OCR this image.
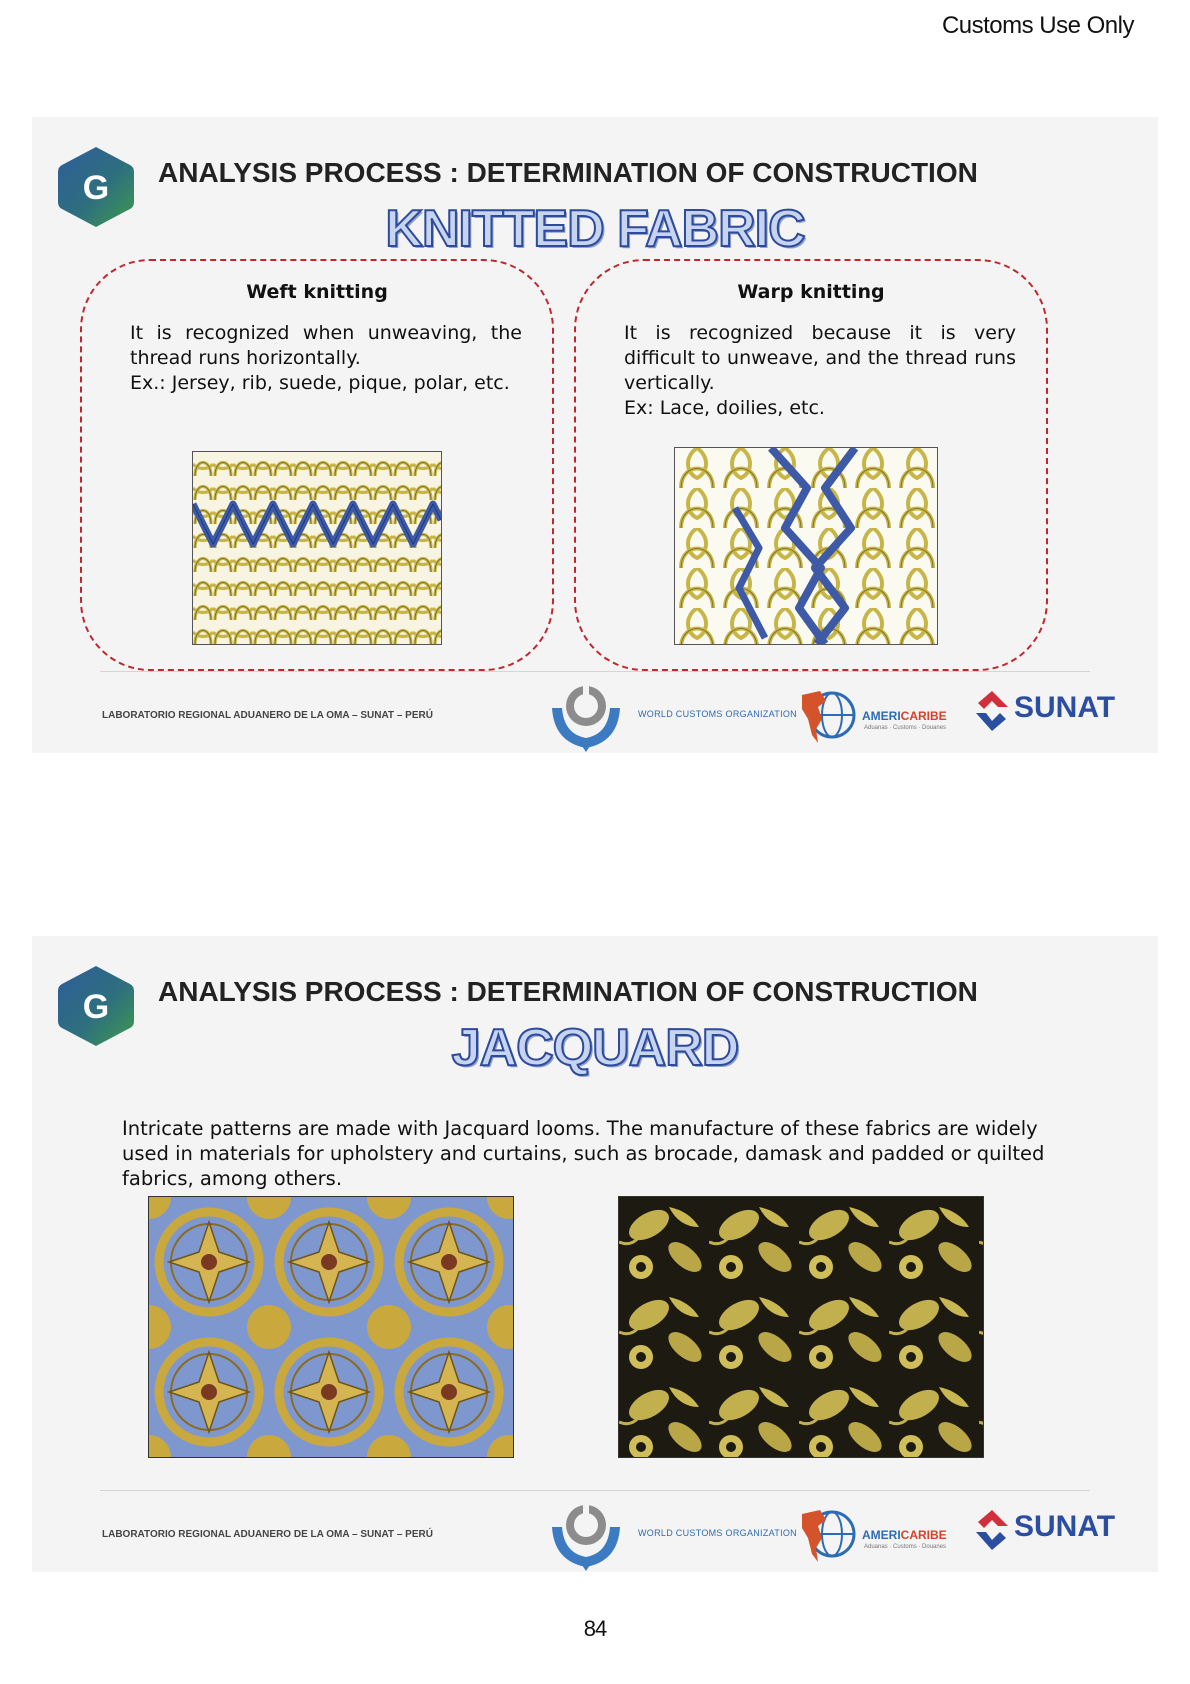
Customs Use Only
G ANALYSIS PROCESS : DETERMINATION OF CONSTRUCTION
KNITTED FABRIC
Weft knitting

It is recognized when unweaving, the thread runs horizontally.

Ex.: Jersey, rib, suede, pique, polar, etc.

Warp knitting

It is recognized because it is very difficult to unweave, and the thread runs vertically.

Ex: Lace, doilies, etc.

LABORATORIO REGIONAL ADUANERO DE LA OMA – SUNAT – PERÚ	WORLD CUSTOMS ORGANIZATION	AMERICARIBE
Aduanas · Customs · Douanes
SUNAT
G ANALYSIS PROCESS : DETERMINATION OF CONSTRUCTION
JACQUARD
Intricate patterns are made with Jacquard looms. The manufacture of these fabrics are widely used in materials for upholstery and curtains, such as brocade, damask and padded or quilted fabrics, among others.
LABORATORIO REGIONAL ADUANERO DE LA OMA – SUNAT – PERÚ	WORLD CUSTOMS ORGANIZATION	AMERICARIBE
Aduanas · Customs · Douanes
SUNAT
84
